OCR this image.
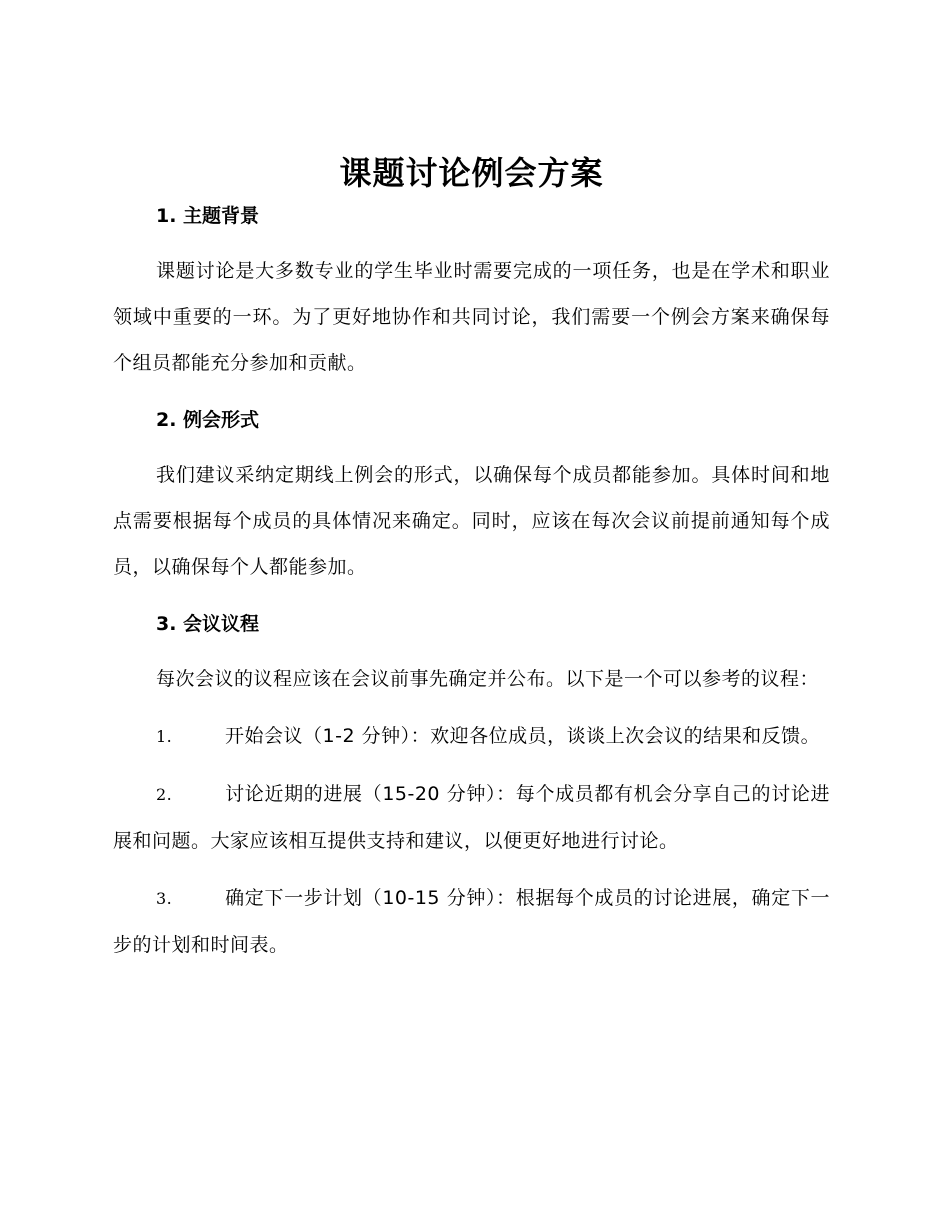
课题讨论例会方案
1. 主题背景

课题讨论是大多数专业的学生毕业时需要完成的一项任务，也是在学术和职业领域中重要的一环。为了更好地协作和共同讨论，我们需要一个例会方案来确保每个组员都能充分参加和贡献。

2. 例会形式

我们建议采纳定期线上例会的形式，以确保每个成员都能参加。具体时间和地点需要根据每个成员的具体情况来确定。同时，应该在每次会议前提前通知每个成员，以确保每个人都能参加。

3. 会议议程

每次会议的议程应该在会议前事先确定并公布。以下是一个可以参考的议程：

1.	开始会议（1-2 分钟）：欢迎各位成员，谈谈上次会议的结果和反馈。

2.	讨论近期的进展（15-20 分钟）：每个成员都有机会分享自己的讨论进展和问题。大家应该相互提供支持和建议，以便更好地进行讨论。

3.	确定下一步计划（10-15 分钟）：根据每个成员的讨论进展，确定下一步的计划和时间表。
